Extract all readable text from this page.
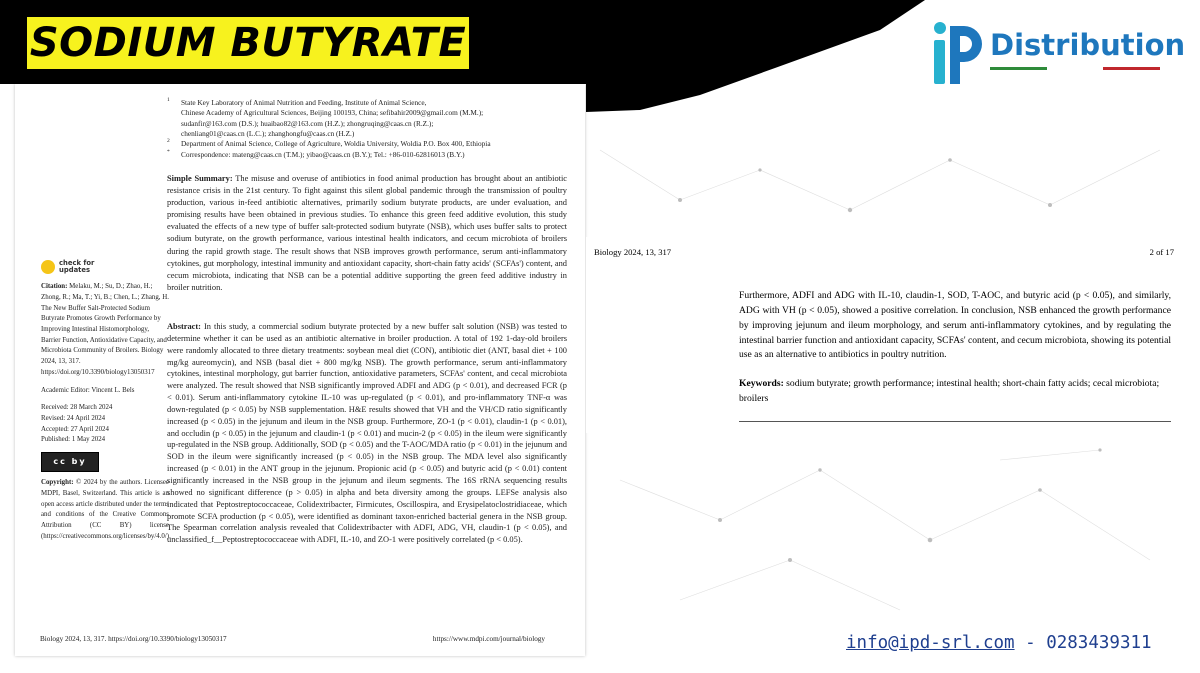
SODIUM BUTYRATE	Distribution
1 State Key Laboratory of Animal Nutrition and Feeding, Institute of Animal Science,
Chinese Academy of Agricultural Sciences, Beijing 100193, China; sefibahir2009@gmail.com (M.M.);
sudanfir@163.com (D.S.); huaibao82@163.com (H.Z.); zhongruqing@caas.cn (R.Z.);
chenliang01@caas.cn (L.C.); zhanghongfu@caas.cn (H.Z.)
2 Department of Animal Science, College of Agriculture, Woldia University, Woldia P.O. Box 400, Ethiopia
* Correspondence: mateng@caas.cn (T.M.); yibao@caas.cn (B.Y.); Tel.: +86-010-62816013 (B.Y.)
check for
updates
Citation: Melaku, M.; Su, D.; Zhao, H.; Zhong, R.; Ma, T.; Yi, B.; Chen, L.; Zhang, H. The New Buffer Salt-Protected Sodium Butyrate Promotes Growth Performance by Improving Intestinal Histomorphology, Barrier Function, Antioxidative Capacity, and Microbiota Community of Broilers. Biology 2024, 13, 317. https://doi.org/10.3390/biology13050317
Academic Editor: Vincent L. Bels
Received: 28 March 2024
Revised: 24 April 2024
Accepted: 27 April 2024
Published: 1 May 2024
cc by
Copyright: © 2024 by the authors. Licensee MDPI, Basel, Switzerland. This article is an open access article distributed under the terms and conditions of the Creative Commons Attribution (CC BY) license (https://creativecommons.org/licenses/by/4.0/).
Simple Summary: The misuse and overuse of antibiotics in food animal production has brought about an antibiotic resistance crisis in the 21st century. To fight against this silent global pandemic through the transmission of poultry production, various in-feed antibiotic alternatives, primarily sodium butyrate products, are under evaluation, and promising results have been obtained in previous studies. To enhance this green feed additive evolution, this study evaluated the effects of a new type of buffer salt-protected sodium butyrate (NSB), which uses buffer salts to protect sodium butyrate, on the growth performance, various intestinal health indicators, and cecum microbiota of broilers during the rapid growth stage. The result shows that NSB improves growth performance, serum anti-inflammatory cytokines, gut morphology, intestinal immunity and antioxidant capacity, short-chain fatty acids' (SCFAs') content, and cecum microbiota, indicating that NSB can be a potential additive supporting the green feed additive industry in broiler nutrition.
Abstract: In this study, a commercial sodium butyrate protected by a new buffer salt solution (NSB) was tested to determine whether it can be used as an antibiotic alternative in broiler production. A total of 192 1-day-old broilers were randomly allocated to three dietary treatments: soybean meal diet (CON), antibiotic diet (ANT, basal diet + 100 mg/kg aureomycin), and NSB (basal diet + 800 mg/kg NSB). The growth performance, serum anti-inflammatory cytokines, intestinal morphology, gut barrier function, antioxidative parameters, SCFAs' content, and cecal microbiota were analyzed. The result showed that NSB significantly improved ADFI and ADG (p < 0.01), and decreased FCR (p < 0.01). Serum anti-inflammatory cytokine IL-10 was up-regulated (p < 0.01), and pro-inflammatory TNF-α was down-regulated (p < 0.05) by NSB supplementation. H&E results showed that VH and the VH/CD ratio significantly increased (p < 0.05) in the jejunum and ileum in the NSB group. Furthermore, ZO-1 (p < 0.01), claudin-1 (p < 0.01), and occludin (p < 0.05) in the jejunum and claudin-1 (p < 0.01) and mucin-2 (p < 0.05) in the ileum were significantly up-regulated in the NSB group. Additionally, SOD (p < 0.05) and the T-AOC/MDA ratio (p < 0.01) in the jejunum and SOD in the ileum were significantly increased (p < 0.05) in the NSB group. The MDA level also significantly increased (p < 0.01) in the ANT group in the jejunum. Propionic acid (p < 0.05) and butyric acid (p < 0.01) content significantly increased in the NSB group in the jejunum and ileum segments. The 16S rRNA sequencing results showed no significant difference (p > 0.05) in alpha and beta diversity among the groups. LEFSe analysis also indicated that Peptostreptococcaceae, Colidextribacter, Firmicutes, Oscillospira, and Erysipelatoclostridiaceae, which promote SCFA production (p < 0.05), were identified as dominant taxon-enriched bacterial genera in the NSB group. The Spearman correlation analysis revealed that Colidextribacter with ADFI, ADG, VH, claudin-1 (p < 0.05), and unclassified_f__Peptostreptococcaceae with ADFI, IL-10, and ZO-1 were positively correlated (p < 0.05).
Biology 2024, 13, 317. https://doi.org/10.3390/biology13050317	https://www.mdpi.com/journal/biology
Biology 2024, 13, 317	2 of 17
Furthermore, ADFI and ADG with IL-10, claudin-1, SOD, T-AOC, and butyric acid (p < 0.05), and similarly, ADG with VH (p < 0.05), showed a positive correlation. In conclusion, NSB enhanced the growth performance by improving jejunum and ileum morphology, and serum anti-inflammatory cytokines, and by regulating the intestinal barrier function and antioxidant capacity, SCFAs' content, and cecum microbiota, showing its potential use as an alternative to antibiotics in poultry nutrition.
Keywords: sodium butyrate; growth performance; intestinal health; short-chain fatty acids; cecal microbiota; broilers
info@ipd-srl.com - 0283439311
